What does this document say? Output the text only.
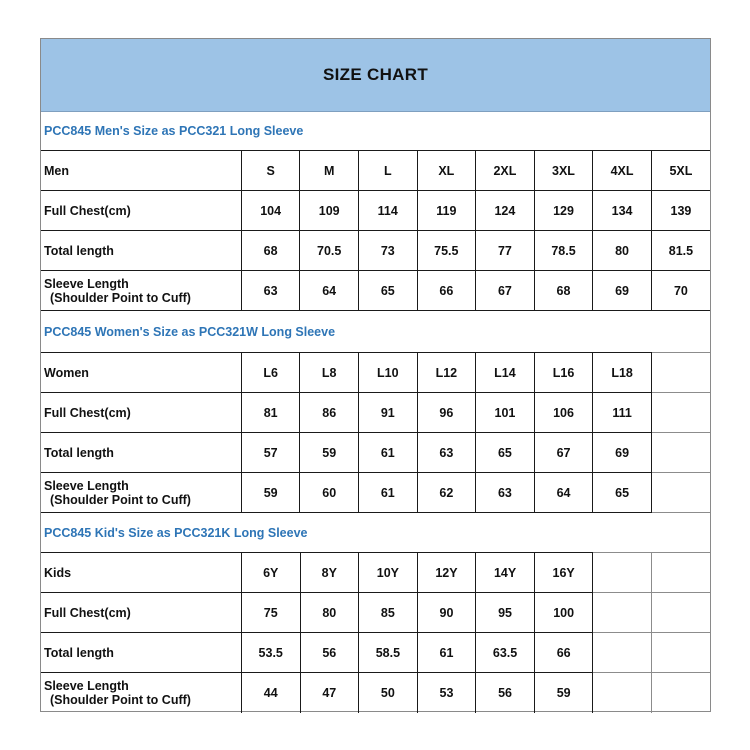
SIZE CHART
PCC845 Men's Size as PCC321 Long Sleeve
Men	S	M	L	XL	2XL	3XL	4XL	5XL
Full Chest(cm)	104	109	114	119	124	129	134	139
Total length	68	70.5	73	75.5	77	78.5	80	81.5
Sleeve Length
(Shoulder Point to Cuff)	63	64	65	66	67	68	69	70
PCC845 Women's Size as PCC321W Long Sleeve
Women	L6	L8	L10	L12	L14	L16	L18	
Full Chest(cm)	81	86	91	96	101	106	111	
Total length	57	59	61	63	65	67	69	
Sleeve Length
(Shoulder Point to Cuff)	59	60	61	62	63	64	65	
PCC845 Kid's Size as PCC321K Long Sleeve
Kids	6Y	8Y	10Y	12Y	14Y	16Y		
Full Chest(cm)	75	80	85	90	95	100		
Total length	53.5	56	58.5	61	63.5	66		
Sleeve Length
(Shoulder Point to Cuff)	44	47	50	53	56	59		
